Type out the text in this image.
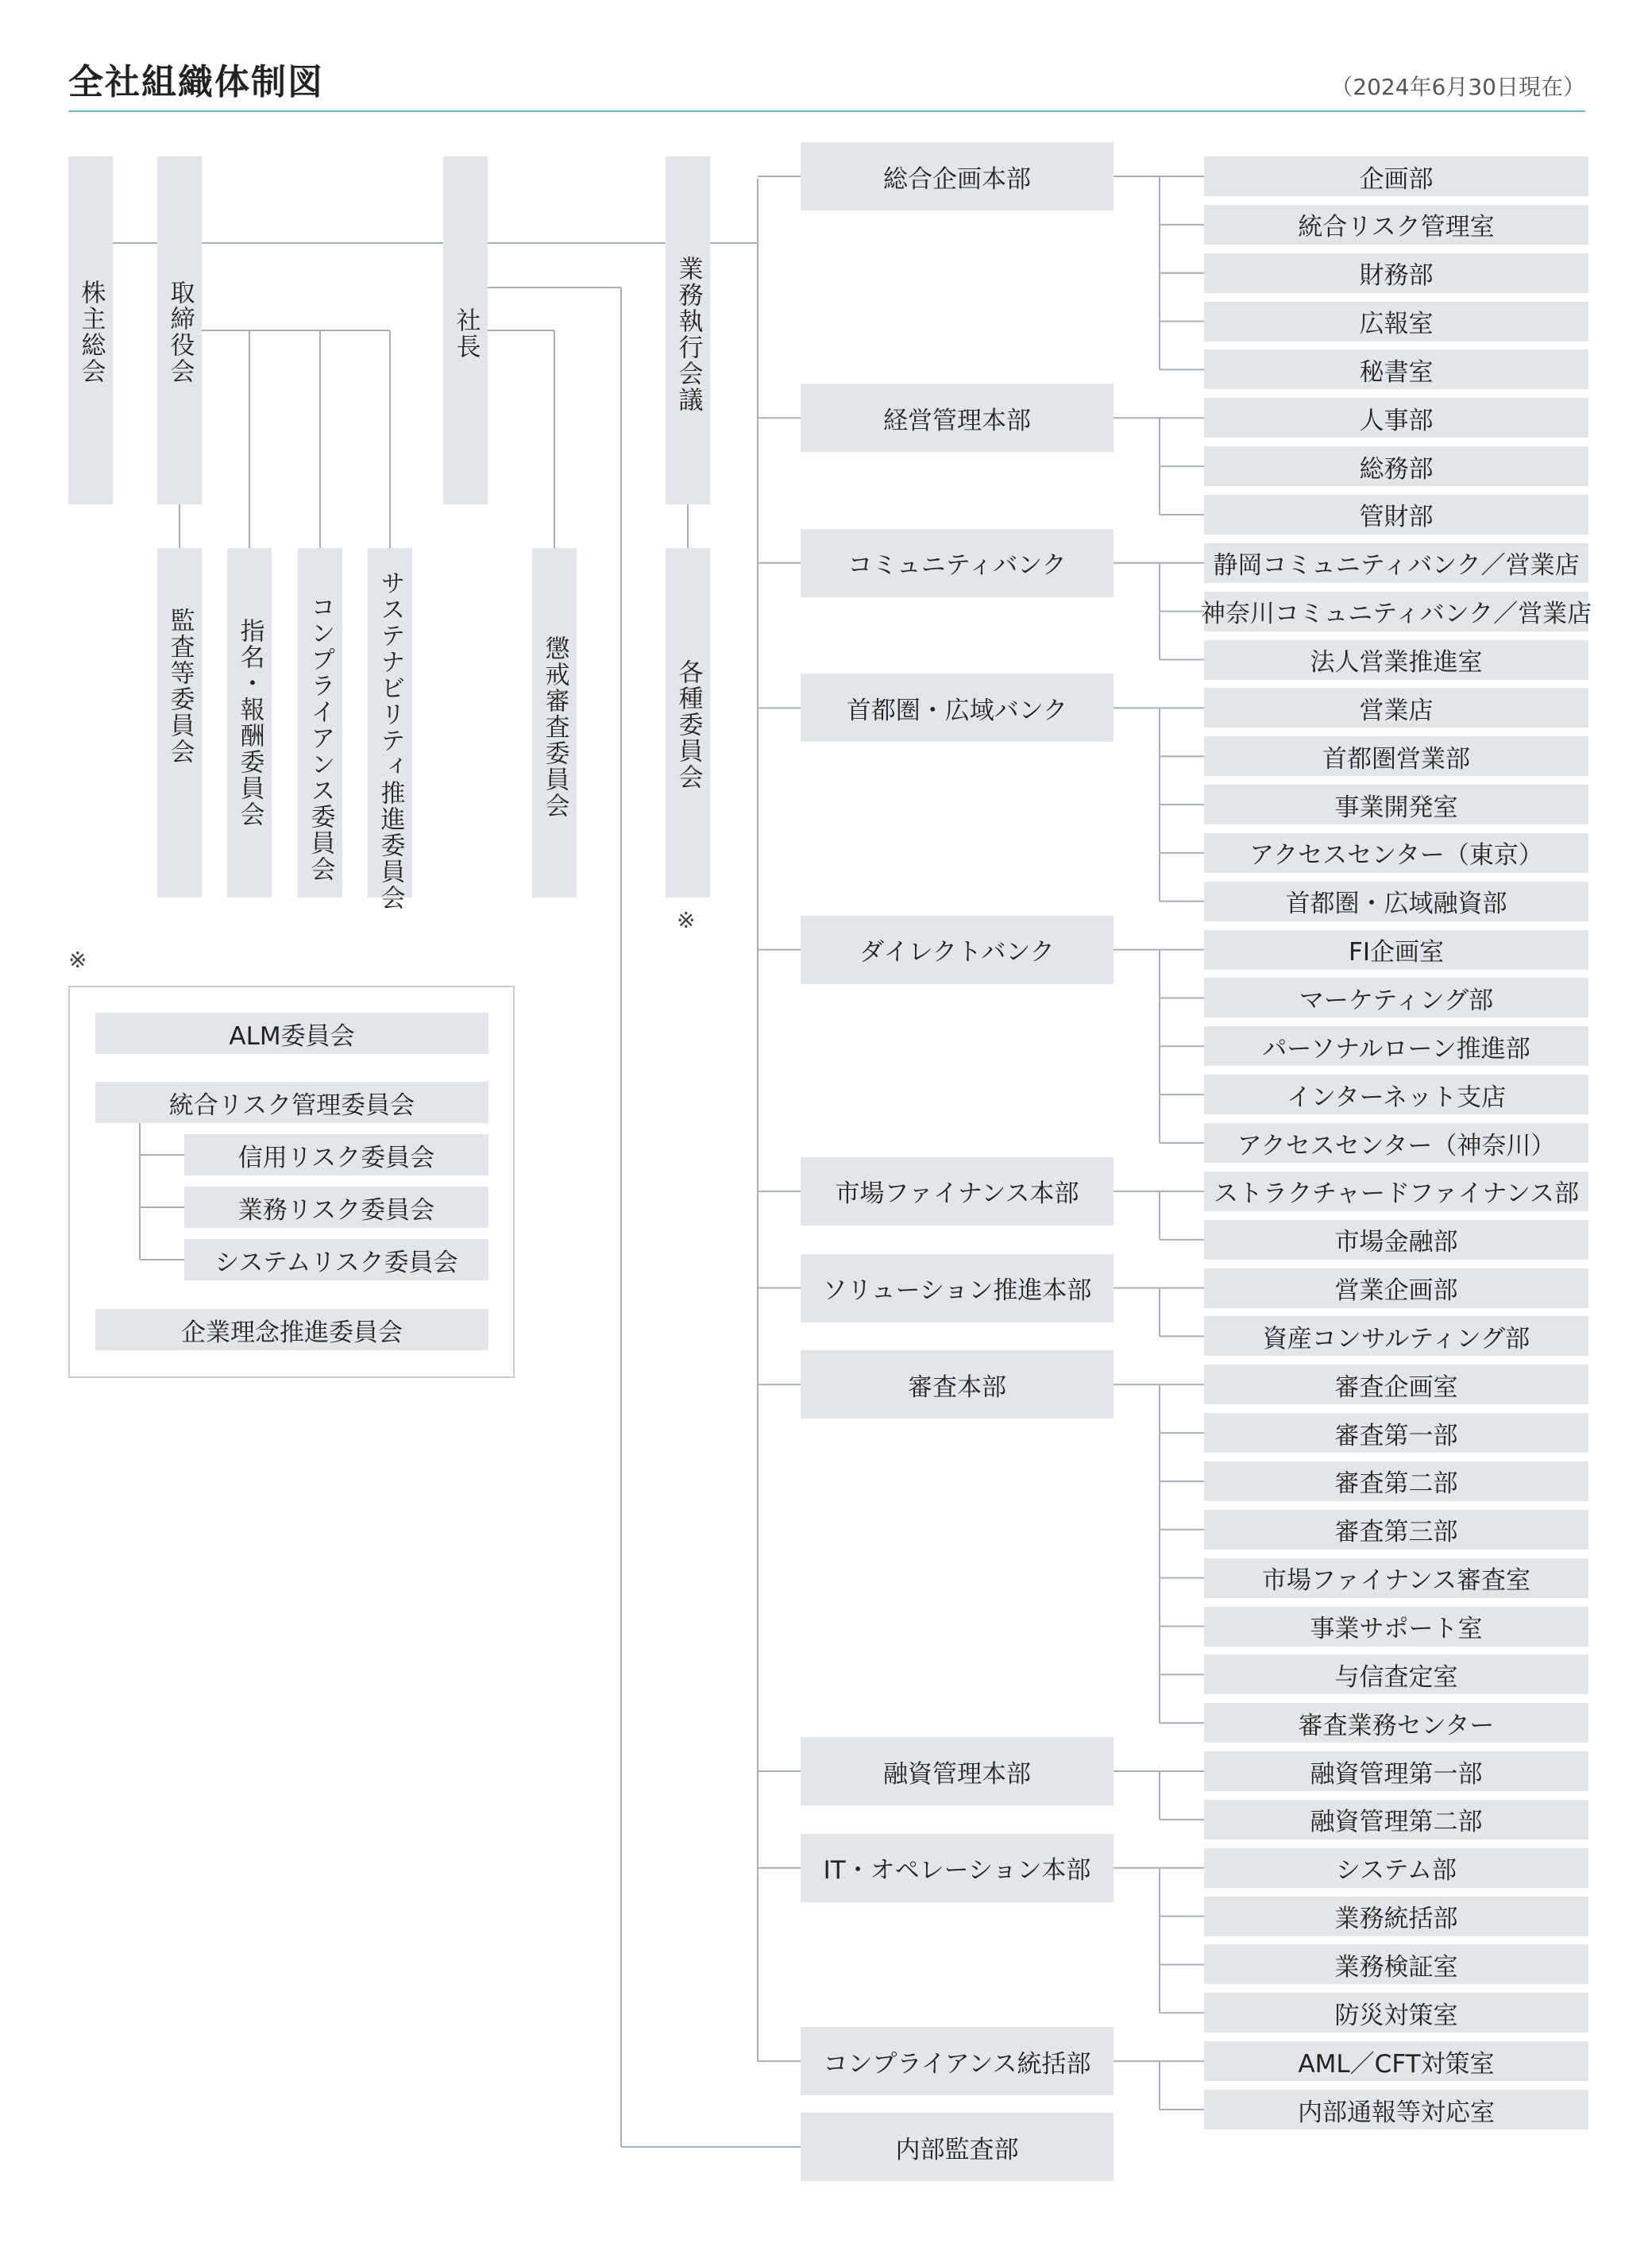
全社組織体制図	（2024年6月30日現在）
株主総会 取締役会	社長	業務執行会議
監査等委員会 指名・報酬委員会 コンプライアンス委員会 サステナビリティ推進委員会	懲戒審査委員会	各種委員会
※
※
ALM委員会
統合リスク管理委員会
信用リスク委員会
業務リスク委員会
システムリスク委員会
企業理念推進委員会
総合企画本部	企画部
統合リスク管理室
財務部
広報室
秘書室
経営管理本部	人事部
総務部
管財部
コミュニティバンク	静岡コミュニティバンク／営業店
神奈川コミュニティバンク／営業店
法人営業推進室
首都圏・広域バンク	営業店
首都圏営業部
事業開発室
アクセスセンター（東京）
首都圏・広域融資部
ダイレクトバンク	FI企画室
マーケティング部
パーソナルローン推進部
インターネット支店
アクセスセンター（神奈川）
市場ファイナンス本部	ストラクチャードファイナンス部
市場金融部
ソリューション推進本部	営業企画部
資産コンサルティング部
審査本部	審査企画室
審査第一部
審査第二部
審査第三部
市場ファイナンス審査室
事業サポート室
与信査定室
審査業務センター
融資管理本部	融資管理第一部
融資管理第二部
IT・オペレーション本部	システム部
業務統括部
業務検証室
防災対策室
コンプライアンス統括部	AML／CFT対策室
内部通報等対応室
内部監査部
